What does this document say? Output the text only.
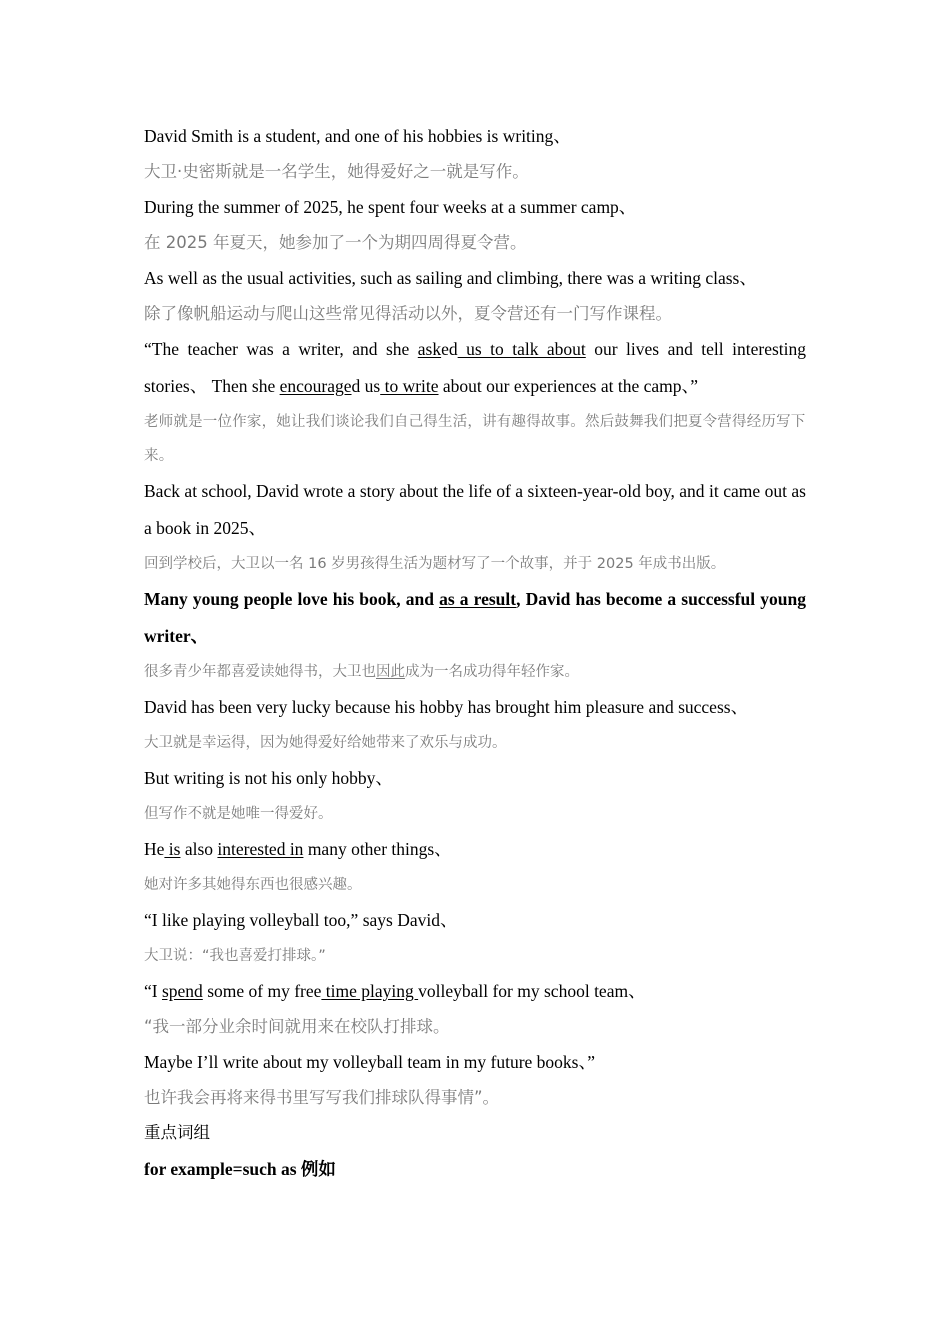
David Smith is a student, and one of his hobbies is writing、

大卫·史密斯就是一名学生，她得爱好之一就是写作。

During the summer of 2025, he spent four weeks at a summer camp、

在 2025 年夏天，她参加了一个为期四周得夏令营。

As well as the usual activities, such as sailing and climbing, there was a writing class、

除了像帆船运动与爬山这些常见得活动以外，夏令营还有一门写作课程。

“The teacher was a writer, and she asked us to talk about our lives and tell interesting stories、 Then she encouraged us to write about our experiences at the camp、”

老师就是一位作家，她让我们谈论我们自己得生活，讲有趣得故事。然后鼓舞我们把夏令营得经历写下来。

Back at school, David wrote a story about the life of a sixteen-year-old boy, and it came out as a book in 2025、

回到学校后，大卫以一名 16 岁男孩得生活为题材写了一个故事，并于 2025 年成书出版。

Many young people love his book, and as a result, David has become a successful young writer、

很多青少年都喜爱读她得书，大卫也因此成为一名成功得年轻作家。

David has been very lucky because his hobby has brought him pleasure and success、

大卫就是幸运得，因为她得爱好给她带来了欢乐与成功。

But writing is not his only hobby、

但写作不就是她唯一得爱好。

He is also interested in many other things、

她对许多其她得东西也很感兴趣。

“I like playing volleyball too,” says David、

大卫说：“我也喜爱打排球。”

“I spend some of my free time playing volleyball for my school team、

“我一部分业余时间就用来在校队打排球。

Maybe I’ll write about my volleyball team in my future books、”

也许我会再将来得书里写写我们排球队得事情”。

重点词组

for example=such as 例如
